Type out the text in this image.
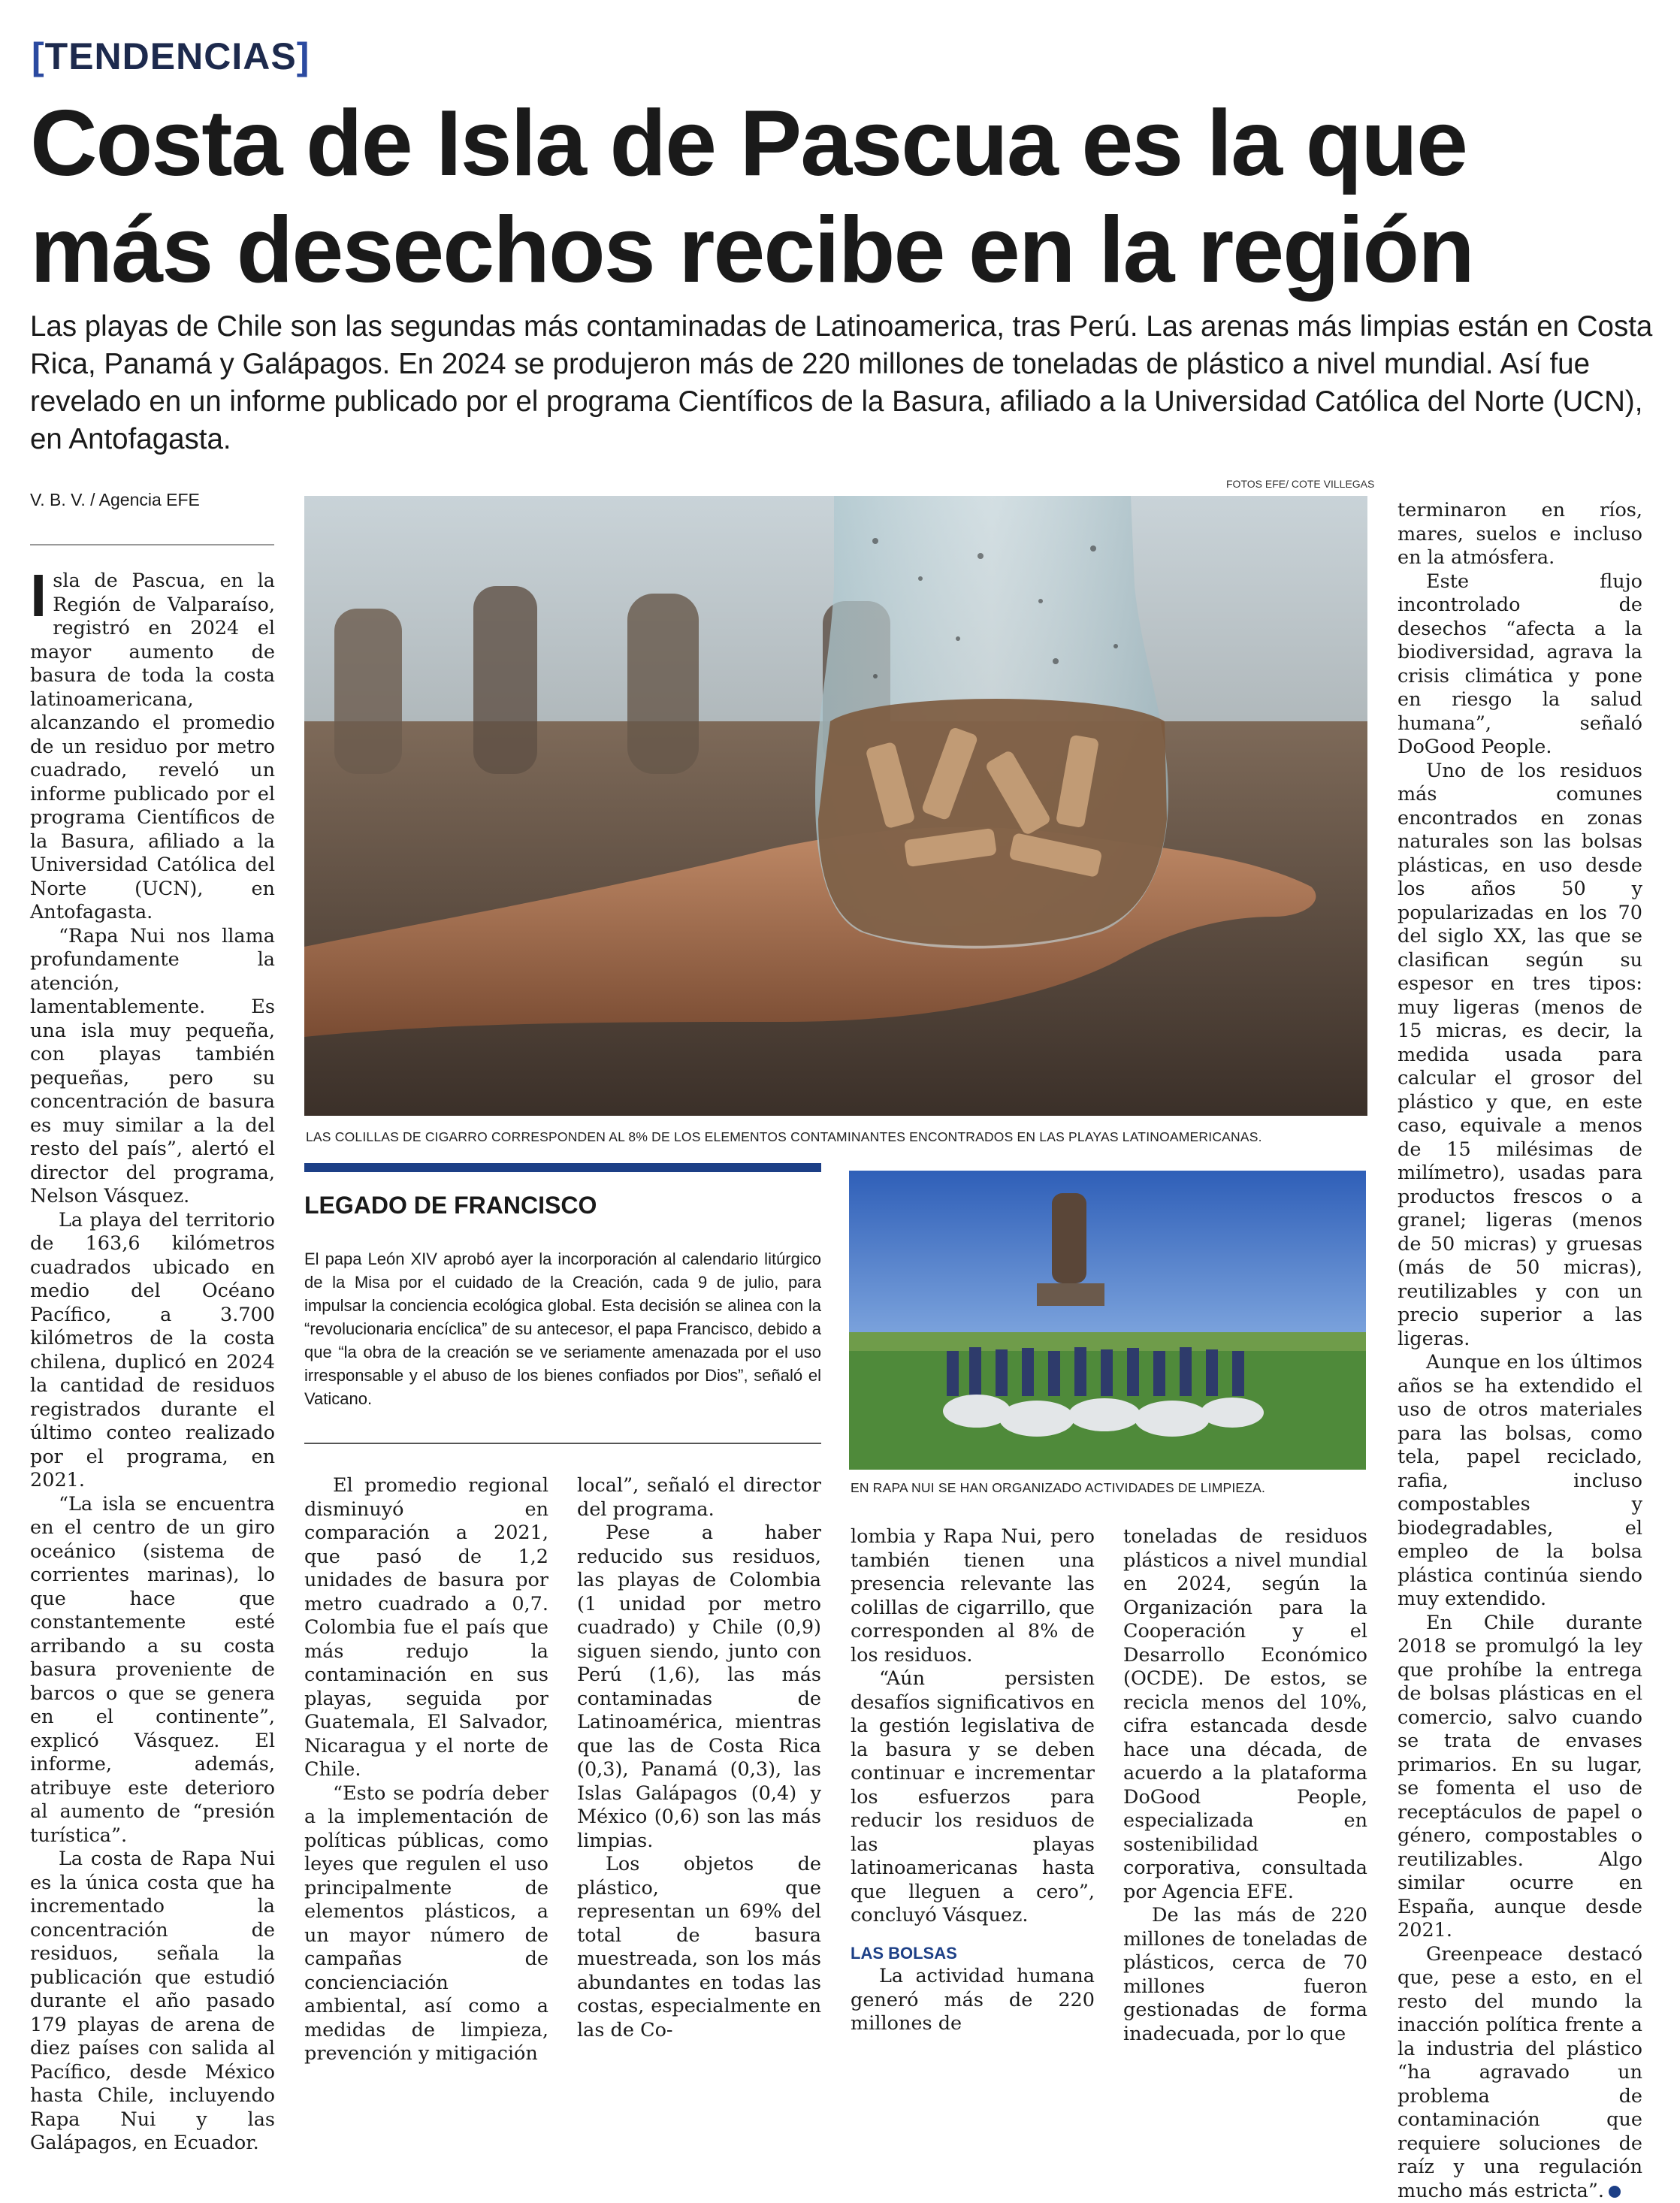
[TENDENCIAS]
Costa de Isla de Pascua es la que más desechos recibe en la región

Las playas de Chile son las segundas más contaminadas de Latinoamerica, tras Perú. Las arenas más limpias están en Costa Rica, Panamá y Galápagos. En 2024 se produjeron más de 220 millones de toneladas de plástico a nivel mundial. Así fue revelado en un informe publicado por el programa Científicos de la Basura, afiliado a la Universidad Católica del Norte (UCN), en Antofagasta.

V. B. V. / Agencia EFE

Isla de Pascua, en la Región de Valparaíso, registró en 2024 el mayor aumento de basura de toda la costa latinoamericana, alcanzando el promedio de un residuo por metro cuadrado, reveló un informe publicado por el programa Científicos de la Basura, afiliado a la Universidad Católica del Norte (UCN), en Antofagasta.

“Rapa Nui nos llama profundamente la atención, lamentablemente. Es una isla muy pequeña, con playas también pequeñas, pero su concentración de basura es muy similar a la del resto del país”, alertó el director del programa, Nelson Vásquez.

La playa del territorio de 163,6 kilómetros cuadrados ubicado en medio del Océano Pacífico, a 3.700 kilómetros de la costa chilena, duplicó en 2024 la cantidad de residuos registrados durante el último conteo realizado por el programa, en 2021.

“La isla se encuentra en el centro de un giro oceánico (sistema de corrientes marinas), lo que hace que constantemente esté arribando a su costa basura proveniente de barcos o que se genera en el continente”, explicó Vásquez. El informe, además, atribuye este deterioro al aumento de “presión turística”.

La costa de Rapa Nui es la única costa que ha incrementado la concentración de residuos, señala la publicación que estudió durante el año pasado 179 playas de arena de diez países con salida al Pacífico, desde México hasta Chile, incluyendo Rapa Nui y las Galápagos, en Ecuador.

FOTOS EFE/ COTE VILLEGAS
LAS COLILLAS DE CIGARRO CORRESPONDEN AL 8% DE LOS ELEMENTOS CONTAMINANTES ENCONTRADOS EN LAS PLAYAS LATINOAMERICANAS.
LEGADO DE FRANCISCO

El papa León XIV aprobó ayer la incorporación al calendario litúrgico de la Misa por el cuidado de la Creación, cada 9 de julio, para impulsar la conciencia ecológica global. Esta decisión se alinea con la “revolucionaria encíclica” de su antecesor, el papa Francisco, debido a que “la obra de la creación se ve seriamente amenazada por el uso irresponsable y el abuso de los bienes confiados por Dios”, señaló el Vaticano.

EN RAPA NUI SE HAN ORGANIZADO ACTIVIDADES DE LIMPIEZA.

El promedio regional disminuyó en comparación a 2021, que pasó de 1,2 unidades de basura por metro cuadrado a 0,7. Colombia fue el país que más redujo la contaminación en sus playas, seguida por Guatemala, El Salvador, Nicaragua y el norte de Chile.

“Esto se podría deber a la implementación de políticas públicas, como leyes que regulen el uso principalmente de elementos plásticos, a un mayor número de campañas de concienciación ambiental, así como a medidas de limpieza, prevención y mitigación

local”, señaló el director del programa.

Pese a haber reducido sus residuos, las playas de Colombia (1 unidad por metro cuadrado) y Chile (0,9) siguen siendo, junto con Perú (1,6), las más contaminadas de Latinoamérica, mientras que las de Costa Rica (0,3), Panamá (0,3), las Islas Galápagos (0,4) y México (0,6) son las más limpias.

Los objetos de plástico, que representan un 69% del total de basura muestreada, son los más abundantes en todas las costas, especialmente en las de Co-

lombia y Rapa Nui, pero también tienen una presencia relevante las colillas de cigarrillo, que corresponden al 8% de los residuos.

“Aún persisten desafíos significativos en la gestión legislativa de la basura y se deben continuar e incrementar los esfuerzos para reducir los residuos de las playas latinoamericanas hasta que lleguen a cero”, concluyó Vásquez.

LAS BOLSAS

La actividad humana generó más de 220 millones de

toneladas de residuos plásticos a nivel mundial en 2024, según la Organización para la Cooperación y el Desarrollo Económico (OCDE). De estos, se recicla menos del 10%, cifra estancada desde hace una década, de acuerdo a la plataforma DoGood People, especializada en sostenibilidad corporativa, consultada por Agencia EFE.

De las más de 220 millones de toneladas de plásticos, cerca de 70 millones fueron gestionadas de forma inadecuada, por lo que

terminaron en ríos, mares, suelos e incluso en la atmósfera.

Este flujo incontrolado de desechos “afecta a la biodiversidad, agrava la crisis climática y pone en riesgo la salud humana”, señaló DoGood People.

Uno de los residuos más comunes encontrados en zonas naturales son las bolsas plásticas, en uso desde los años 50 y popularizadas en los 70 del siglo XX, las que se clasifican según su espesor en tres tipos: muy ligeras (menos de 15 micras, es decir, la medida usada para calcular el grosor del plástico y que, en este caso, equivale a menos de 15 milésimas de milímetro), usadas para productos frescos o a granel; ligeras (menos de 50 micras) y gruesas (más de 50 micras), reutilizables y con un precio superior a las ligeras.

Aunque en los últimos años se ha extendido el uso de otros materiales para las bolsas, como tela, papel reciclado, rafia, incluso compostables y biodegradables, el empleo de la bolsa plástica continúa siendo muy extendido.

En Chile durante 2018 se promulgó la ley que prohíbe la entrega de bolsas plásticas en el comercio, salvo cuando se trata de envases primarios. En su lugar, se fomenta el uso de receptáculos de papel o género, compostables o reutilizables. Algo similar ocurre en España, aunque desde 2021.

Greenpeace destacó que, pese a esto, en el resto del mundo la inacción política frente a la industria del plástico “ha agravado un problema de contaminación que requiere soluciones de raíz y una regulación mucho más estricta”.	✪
